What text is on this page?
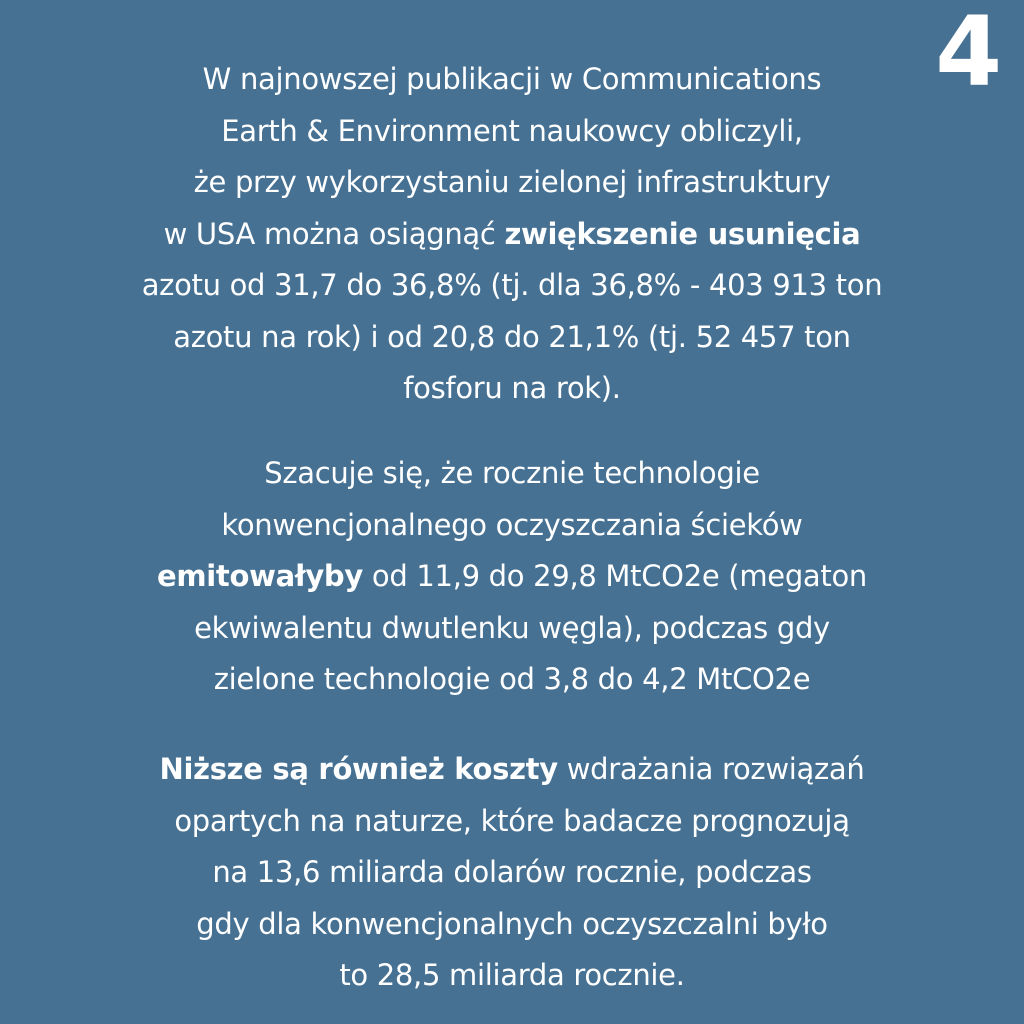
4
W najnowszej publikacji w Communications
Earth & Environment naukowcy obliczyli,
że przy wykorzystaniu zielonej infrastruktury
w USA można osiągnąć zwiększenie usunięcia
azotu od 31,7 do 36,8% (tj. dla 36,8% - 403 913 ton
azotu na rok) i od 20,8 do 21,1% (tj. 52 457 ton
fosforu na rok).
Szacuje się, że rocznie technologie
konwencjonalnego oczyszczania ścieków
emitowałyby od 11,9 do 29,8 MtCO2e (megaton
ekwiwalentu dwutlenku węgla), podczas gdy
zielone technologie od 3,8 do 4,2 MtCO2e
Niższe są również koszty wdrażania rozwiązań
opartych na naturze, które badacze prognozują
na 13,6 miliarda dolarów rocznie, podczas
gdy dla konwencjonalnych oczyszczalni było
to 28,5 miliarda rocznie.
